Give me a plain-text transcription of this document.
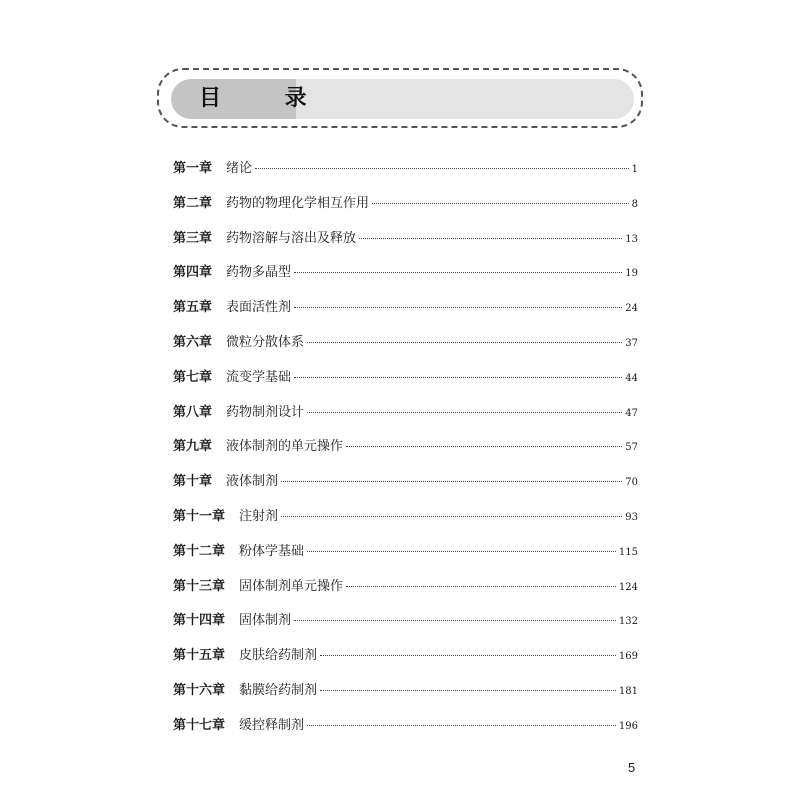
目 录
第一章 绪论	1
第二章 药物的物理化学相互作用	8
第三章 药物溶解与溶出及释放	13
第四章 药物多晶型	19
第五章 表面活性剂	24
第六章 微粒分散体系	37
第七章 流变学基础	44
第八章 药物制剂设计	47
第九章 液体制剂的单元操作	57
第十章 液体制剂	70
第十一章 注射剂	93
第十二章 粉体学基础	115
第十三章 固体制剂单元操作	124
第十四章 固体制剂	132
第十五章 皮肤给药制剂	169
第十六章 黏膜给药制剂	181
第十七章 缓控释制剂	196
5
